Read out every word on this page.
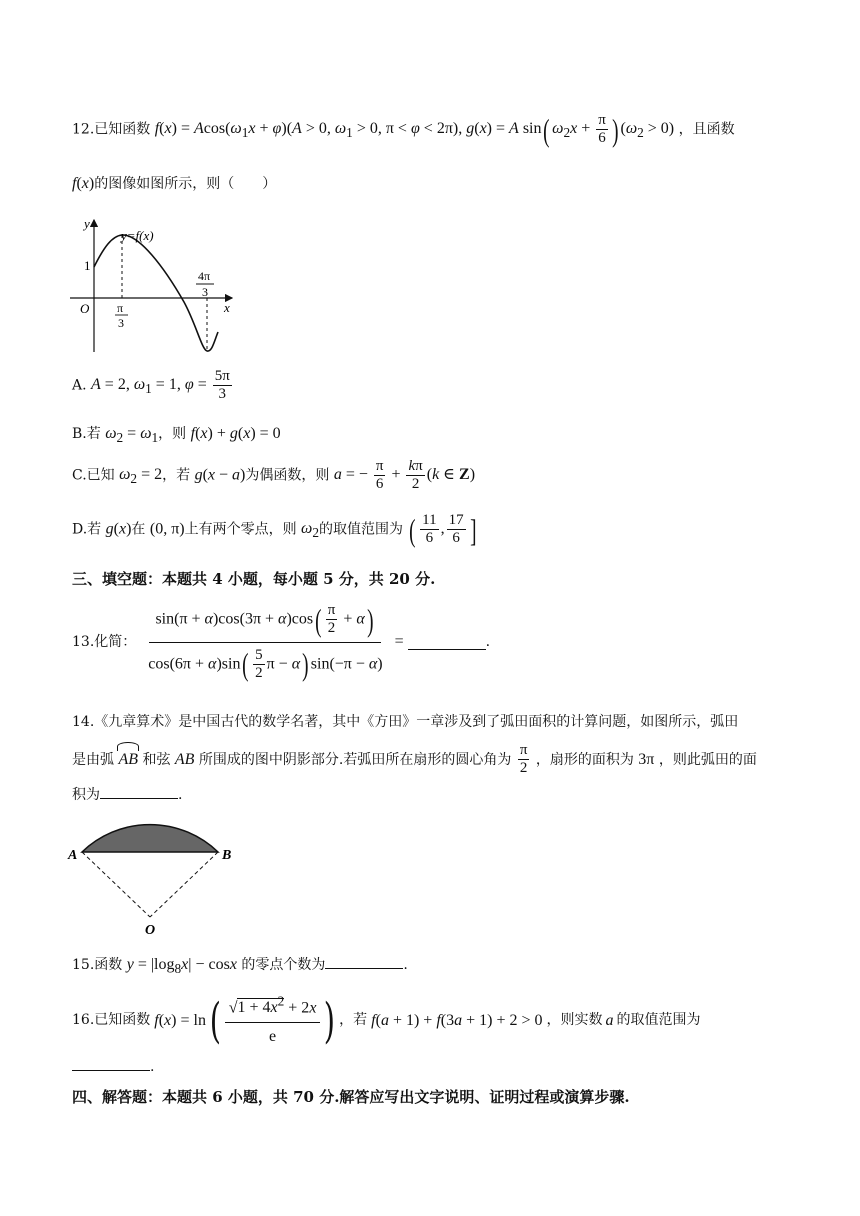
12.已知函数 $f(x) = Acos(\omega_1x + \varphi)(A > 0$, $\omega_1 > 0$, π < φ < 2π), g(x) = A sin( $\omega_2x + \frac{\pi}{6}$ ) $(\omega_2 > 0)$ ，且函数
f(x)的图像如图所示，则（　　）
y
x
O
1
y=f(x)
π
3
4π
3
A. A = 2, $\omega_1 = 1$, $\varphi = \frac{5\pi}{3}$
B.若 $\omega_2 = \omega_1$，则 f(x) + g(x) = 0
C.已知 $\omega_2 = 2$，若 g(x − a)为偶函数，则 a = − $\frac{\pi}{6} + \frac{k\pi}{2} (k$ ∈ Z)
D.若 g(x)在 (0, π)上有两个零点，则 $\omega_2$的取值范围为 ( $\frac{11}{6}$ , $\frac{17}{6}$ ]
三、填空题：本题共 4 小题，每小题 5 分，共 20 分.
13.化简： $\frac{\sin(\pi + \alpha)\cos(3\pi + \alpha)\cos( \frac{\pi}{2} + \alpha)}{\cos(6\pi + \alpha)\sin( \frac{5}{2} \pi - \alpha) \sin(-\pi - \alpha)}$ =	.
14.《九章算术》是中国古代的数学名著，其中《方田》一章涉及到了弧田面积的计算问题，如图所示，弧田
是由弧 AB 和弦 AB 所围成的图中阴影部分.若弧田所在扇形的圆心角为 $\frac{\pi}{2}$ ，扇形的面积为 3π ，则此弧田的面
积为	.
A	B
O
15.函数 $y = |\log_8x| - \cos x$ 的零点个数为	.
16.已知函数 f(x) = ln ( $√1 + 4x^2 + 2x$
e ) ，若 f(a + 1) + f(3a + 1) + 2 > 0 ，则实数 a 的取值范围为
.
四、解答题：本题共 6 小题，共 70 分.解答应写出文字说明、证明过程或演算步骤.
